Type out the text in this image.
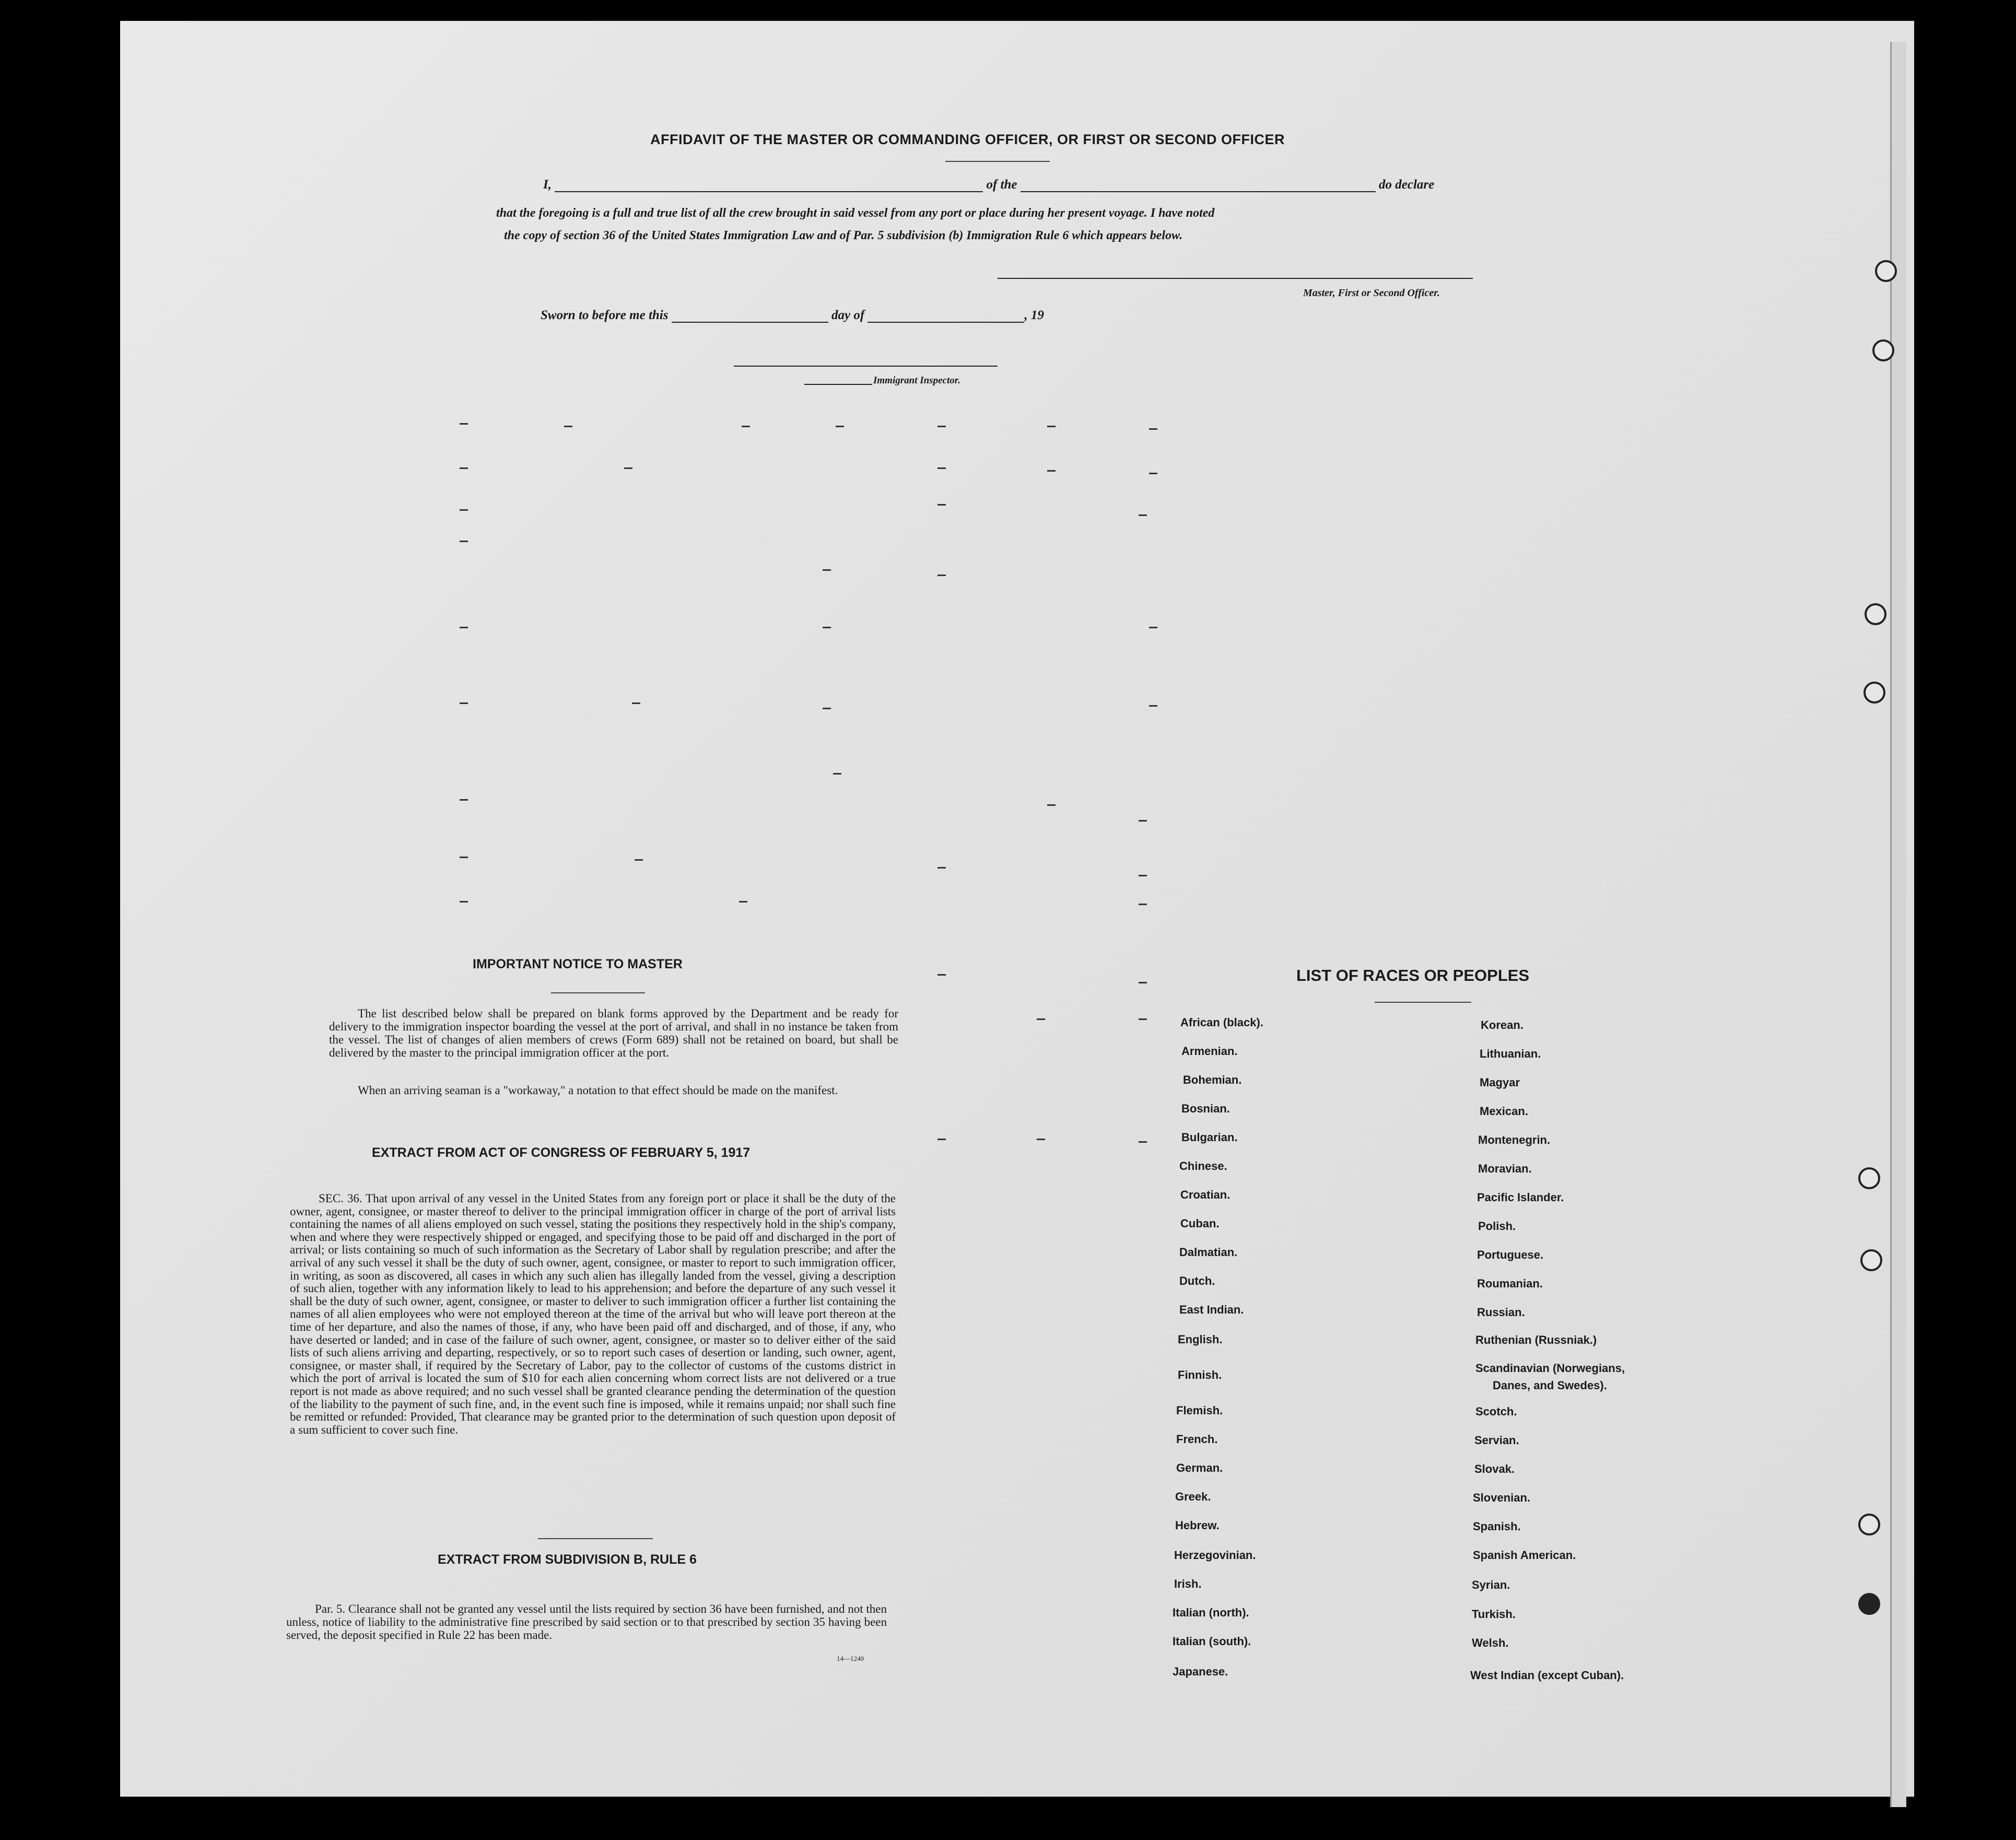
AFFIDAVIT OF THE MASTER OR COMMANDING OFFICER, OR FIRST OR SECOND OFFICER
I,	of the	do declare
that the foregoing is a full and true list of all the crew brought in said vessel from any port or place during her present voyage. I have noted
the copy of section 36 of the United States Immigration Law and of Par. 5 subdivision (b) Immigration Rule 6 which appears below.
Master, First or Second Officer.
Sworn to before me this	day of	, 19
Immigrant Inspector.
IMPORTANT NOTICE TO MASTER
The list described below shall be prepared on blank forms approved by the Department and be ready for delivery to the immigration inspector boarding the vessel at the port of arrival, and shall in no instance be taken from the vessel. The list of changes of alien members of crews (Form 689) shall not be retained on board, but shall be delivered by the master to the principal immigration officer at the port.
When an arriving seaman is a "workaway," a notation to that effect should be made on the manifest.
EXTRACT FROM ACT OF CONGRESS OF FEBRUARY 5, 1917
SEC. 36. That upon arrival of any vessel in the United States from any foreign port or place it shall be the duty of the owner, agent, consignee, or master thereof to deliver to the principal immigration officer in charge of the port of arrival lists containing the names of all aliens employed on such vessel, stating the positions they respectively hold in the ship's company, when and where they were respectively shipped or engaged, and specifying those to be paid off and discharged in the port of arrival; or lists containing so much of such information as the Secretary of Labor shall by regulation prescribe; and after the arrival of any such vessel it shall be the duty of such owner, agent, consignee, or master to report to such immigration officer, in writing, as soon as discovered, all cases in which any such alien has illegally landed from the vessel, giving a description of such alien, together with any information likely to lead to his apprehension; and before the departure of any such vessel it shall be the duty of such owner, agent, consignee, or master to deliver to such immigration officer a further list containing the names of all alien employees who were not employed thereon at the time of the arrival but who will leave port thereon at the time of her departure, and also the names of those, if any, who have been paid off and discharged, and of those, if any, who have deserted or landed; and in case of the failure of such owner, agent, consignee, or master so to deliver either of the said lists of such aliens arriving and departing, respectively, or so to report such cases of desertion or landing, such owner, agent, consignee, or master shall, if required by the Secretary of Labor, pay to the collector of customs of the customs district in which the port of arrival is located the sum of $10 for each alien concerning whom correct lists are not delivered or a true report is not made as above required; and no such vessel shall be granted clearance pending the determination of the question of the liability to the payment of such fine, and, in the event such fine is imposed, while it remains unpaid; nor shall such fine be remitted or refunded: Provided, That clearance may be granted prior to the determination of such question upon deposit of a sum sufficient to cover such fine.
EXTRACT FROM SUBDIVISION B, RULE 6
Par. 5. Clearance shall not be granted any vessel until the lists required by section 36 have been furnished, and not then unless, notice of liability to the administrative fine prescribed by said section or to that prescribed by section 35 having been served, the deposit specified in Rule 22 has been made.
14—1240
LIST OF RACES OR PEOPLES
African (black).
Armenian.
Bohemian.
Bosnian.
Bulgarian.
Chinese.
Croatian.
Cuban.
Dalmatian.
Dutch.
East Indian.
English.
Finnish.
Flemish.
French.
German.
Greek.
Hebrew.
Herzegovinian.
Irish.
Italian (north).
Italian (south).
Japanese.
Korean.
Lithuanian.
Magyar
Mexican.
Montenegrin.
Moravian.
Pacific Islander.
Polish.
Portuguese.
Roumanian.
Russian.
Ruthenian (Russniak.)
Scandinavian (Norwegians,
Scotch.
Servian.
Slovak.
Slovenian.
Spanish.
Spanish American.
Syrian.
Turkish.
Welsh.
West Indian (except Cuban).
Danes, and Swedes).
